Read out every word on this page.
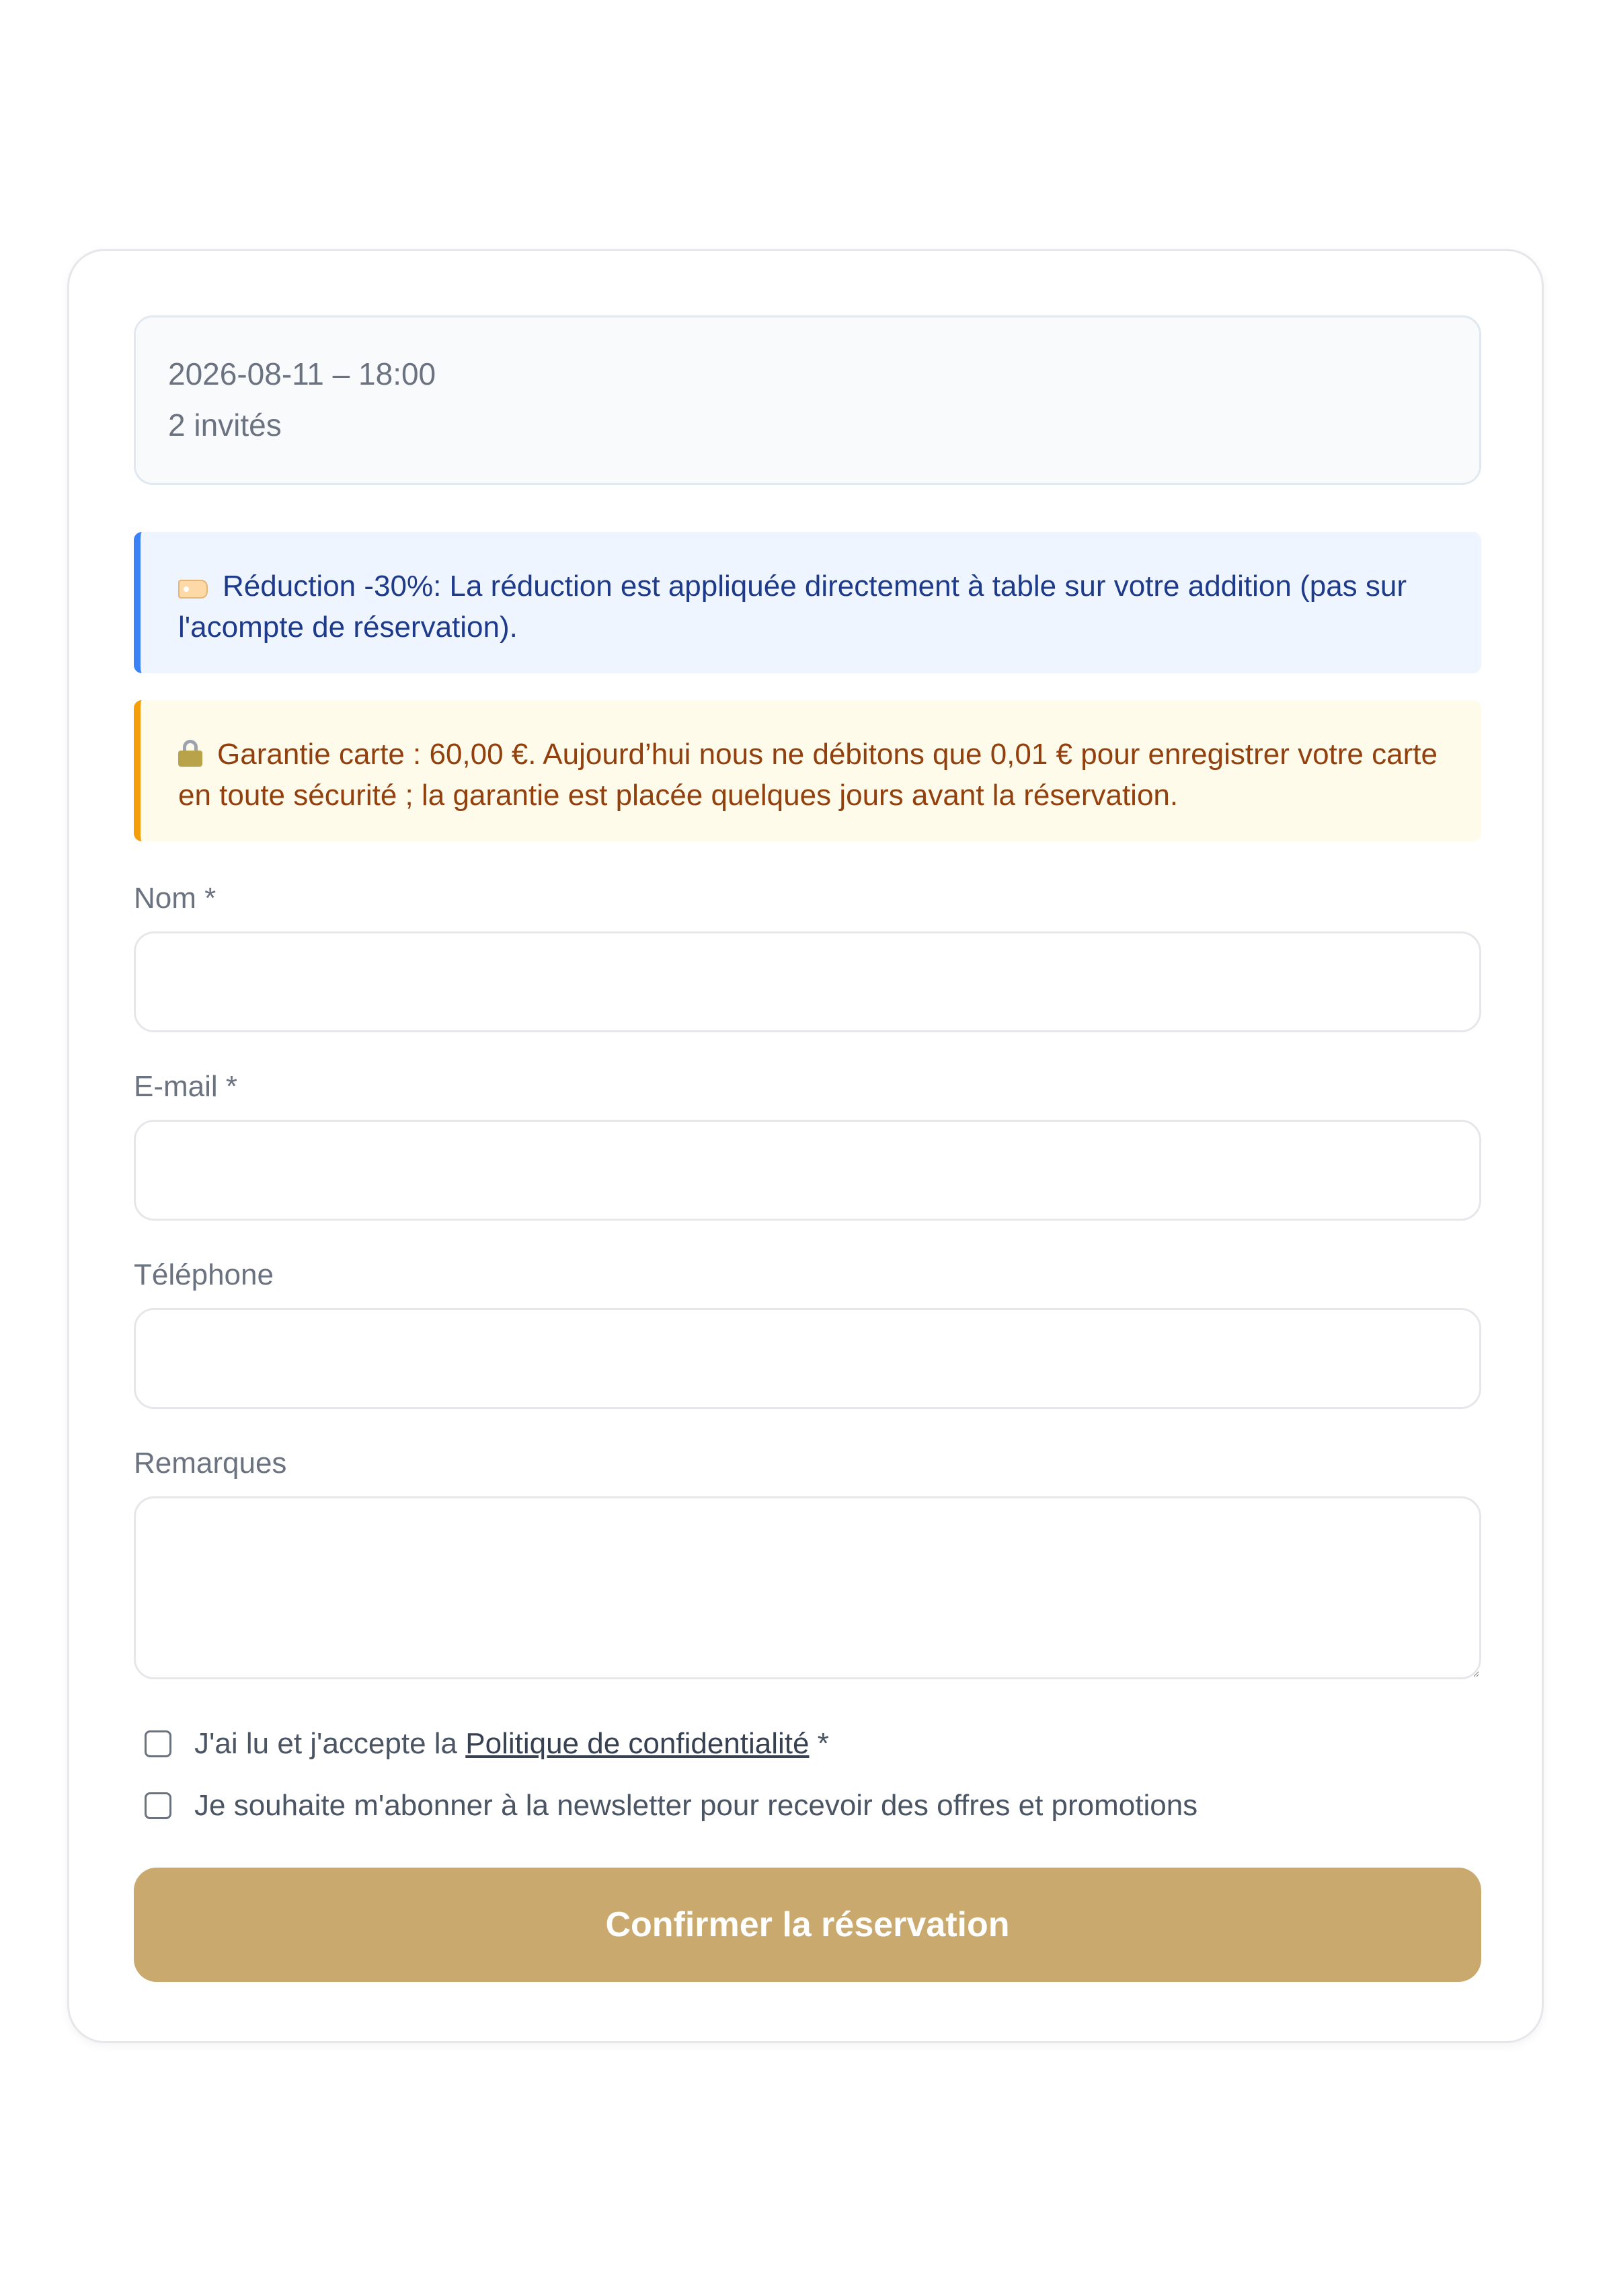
2026-08-11 – 18:00
2 invités
Réduction -30%: La réduction est appliquée directement à table sur votre addition (pas sur l'acompte de réservation).
Garantie carte : 60,00 €. Aujourd’hui nous ne débitons que 0,01 € pour enregistrer votre carte en toute sécurité ; la garantie est placée quelques jours avant la réservation.
Nom *
E-mail *
Téléphone
Remarques
J'ai lu et j'accepte la Politique de confidentialité *
Je souhaite m'abonner à la newsletter pour recevoir des offres et promotions
Confirmer la réservation
